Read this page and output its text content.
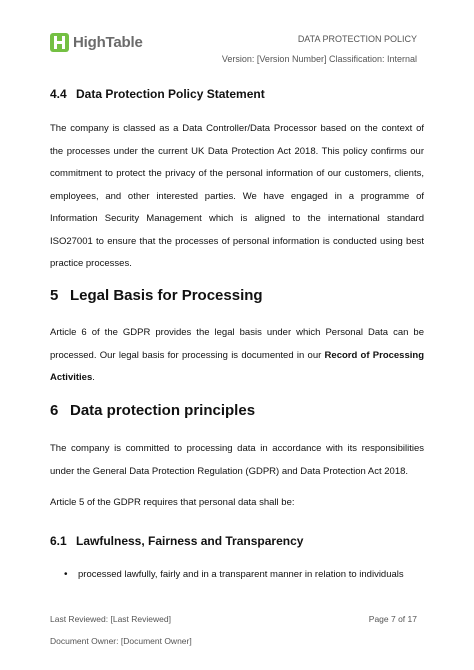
HighTable	DATA PROTECTION POLICY
Version: [Version Number] Classification: Internal
4.4 Data Protection Policy Statement
The company is classed as a Data Controller/Data Processor based on the context of the processes under the current UK Data Protection Act 2018. This policy confirms our commitment to protect the privacy of the personal information of our customers, clients, employees, and other interested parties. We have engaged in a programme of Information Security Management which is aligned to the international standard ISO27001 to ensure that the processes of personal information is conducted using best practice processes.
5 Legal Basis for Processing
Article 6 of the GDPR provides the legal basis under which Personal Data can be processed. Our legal basis for processing is documented in our Record of Processing Activities.
6 Data protection principles
The company is committed to processing data in accordance with its responsibilities under the General Data Protection Regulation (GDPR) and Data Protection Act 2018.
Article 5 of the GDPR requires that personal data shall be:
6.1 Lawfulness, Fairness and Transparency
• processed lawfully, fairly and in a transparent manner in relation to individuals
Last Reviewed: [Last Reviewed]
Document Owner: [Document Owner]
Page 7 of 17
